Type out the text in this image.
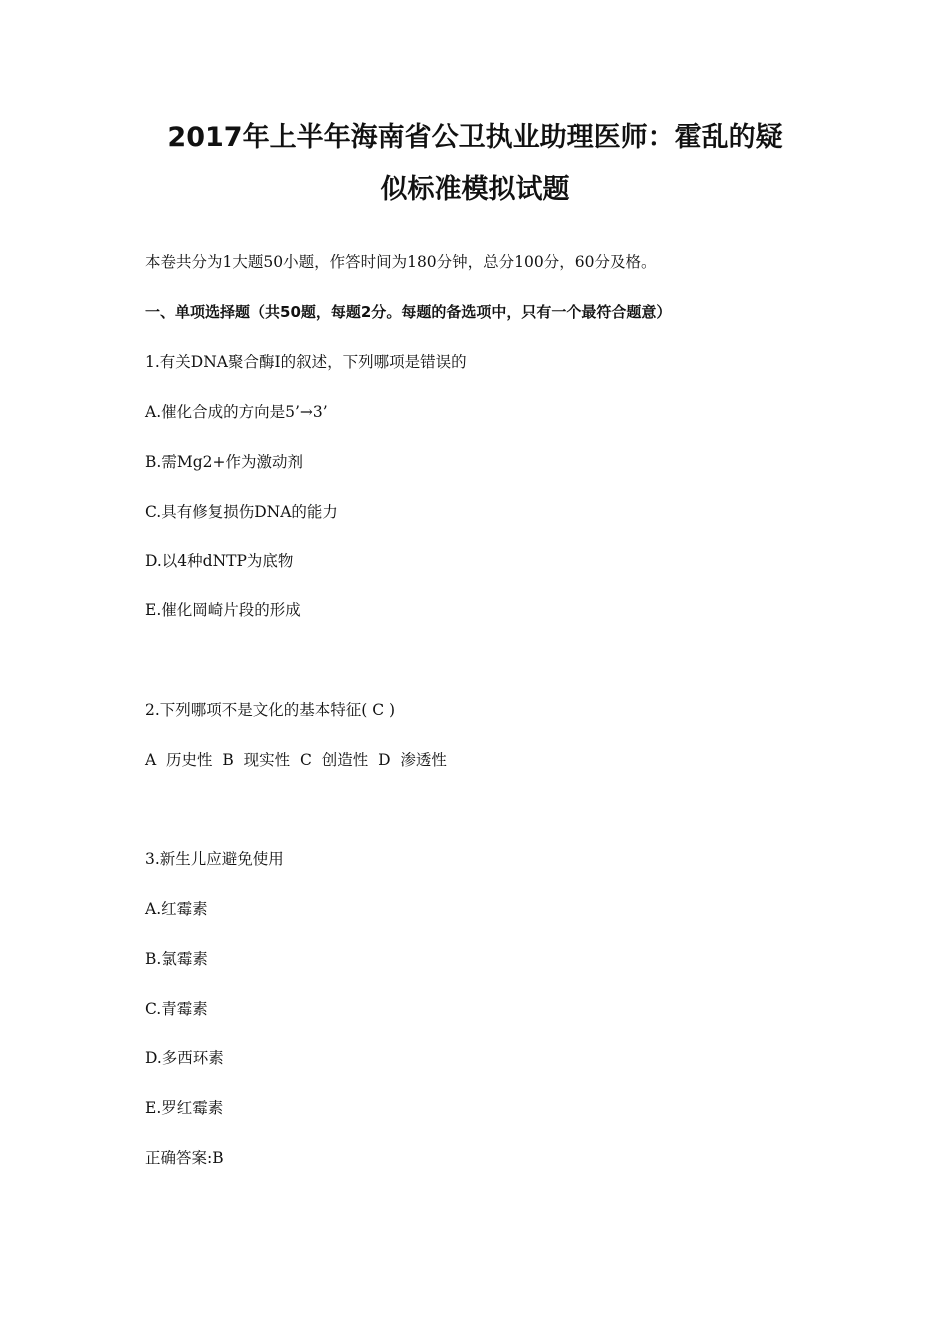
2017年上半年海南省公卫执业助理医师：霍乱的疑
似标准模拟试题
本卷共分为1大题50小题，作答时间为180分钟，总分100分，60分及格。
一、单项选择题（共50题，每题2分。每题的备选项中，只有一个最符合题意）
1.有关DNA聚合酶I的叙述，下列哪项是错误的
A.催化合成的方向是5’→3’
B.需Mg2+作为激动剂
C.具有修复损伤DNA的能力
D.以4种dNTP为底物
E.催化岡崎片段的形成
2.下列哪项不是文化的基本特征( C )
A  历史性  B  现实性  C  创造性  D  渗透性
3.新生儿应避免使用
A.红霉素
B.氯霉素
C.青霉素
D.多西环素
E.罗红霉素
正确答案:B
